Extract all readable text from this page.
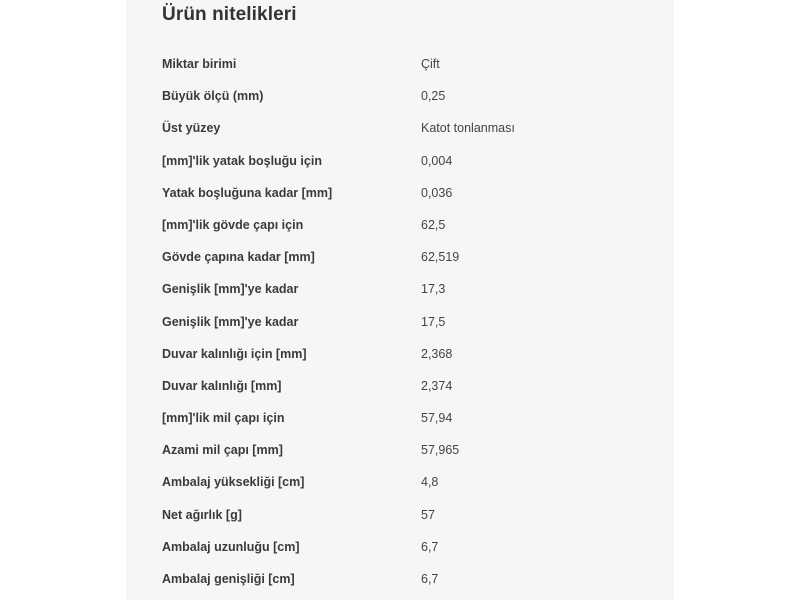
Ürün nitelikleri
Miktar birimi	Çift
Büyük ölçü (mm)	0,25
Üst yüzey	Katot tonlanması
[mm]'lik yatak boşluğu için	0,004
Yatak boşluğuna kadar [mm]	0,036
[mm]'lik gövde çapı için	62,5
Gövde çapına kadar [mm]	62,519
Genişlik [mm]'ye kadar	17,3
Genişlik [mm]'ye kadar	17,5
Duvar kalınlığı için [mm]	2,368
Duvar kalınlığı [mm]	2,374
[mm]'lik mil çapı için	57,94
Azami mil çapı [mm]	57,965
Ambalaj yüksekliği [cm]	4,8
Net ağırlık [g]	57
Ambalaj uzunluğu [cm]	6,7
Ambalaj genişliği [cm]	6,7
